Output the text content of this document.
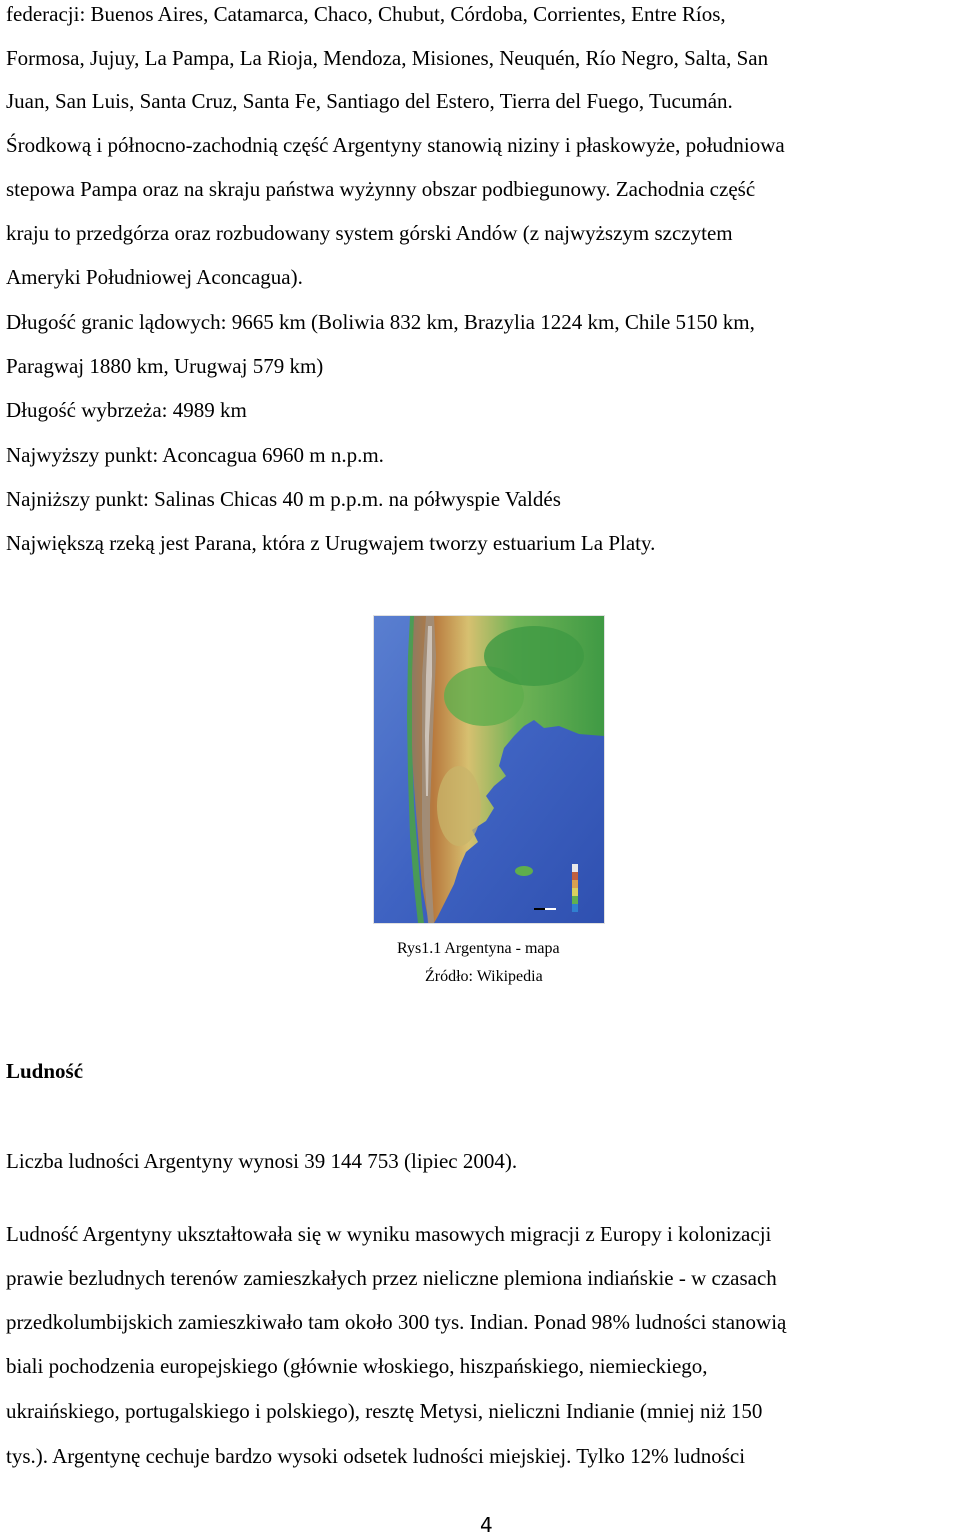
federacji: Buenos Aires, Catamarca, Chaco, Chubut, Córdoba, Corrientes, Entre Ríos,
Formosa, Jujuy, La Pampa, La Rioja, Mendoza, Misiones, Neuquén, Río Negro, Salta, San
Juan, San Luis, Santa Cruz, Santa Fe, Santiago del Estero, Tierra del Fuego, Tucumán.
Środkową i północno-zachodnią część Argentyny stanowią niziny i płaskowyże, południowa
stepowa Pampa oraz na skraju państwa wyżynny obszar podbiegunowy. Zachodnia część
kraju to przedgórza oraz rozbudowany system górski Andów (z najwyższym szczytem
Ameryki Południowej Aconcagua).
Długość granic lądowych: 9665 km (Boliwia 832 km, Brazylia 1224 km, Chile 5150 km,
Paragwaj 1880 km, Urugwaj 579 km)
Długość wybrzeża: 4989 km
Najwyższy punkt: Aconcagua 6960 m n.p.m.
Najniższy punkt: Salinas Chicas 40 m p.p.m. na półwyspie Valdés
Największą rzeką jest Parana, która z Urugwajem tworzy estuarium La Platy.
Rys1.1 Argentyna - mapa
Źródło: Wikipedia
Ludność
Liczba ludności Argentyny wynosi 39 144 753 (lipiec 2004).
Ludność Argentyny ukształtowała się w wyniku masowych migracji z Europy i kolonizacji
prawie bezludnych terenów zamieszkałych przez nieliczne plemiona indiańskie - w czasach
przedkolumbijskich zamieszkiwało tam około 300 tys. Indian. Ponad 98% ludności stanowią
biali pochodzenia europejskiego (głównie włoskiego, hiszpańskiego, niemieckiego,
ukraińskiego, portugalskiego i polskiego), resztę Metysi, nieliczni Indianie (mniej niż 150
tys.). Argentynę cechuje bardzo wysoki odsetek ludności miejskiej. Tylko 12% ludności
4
